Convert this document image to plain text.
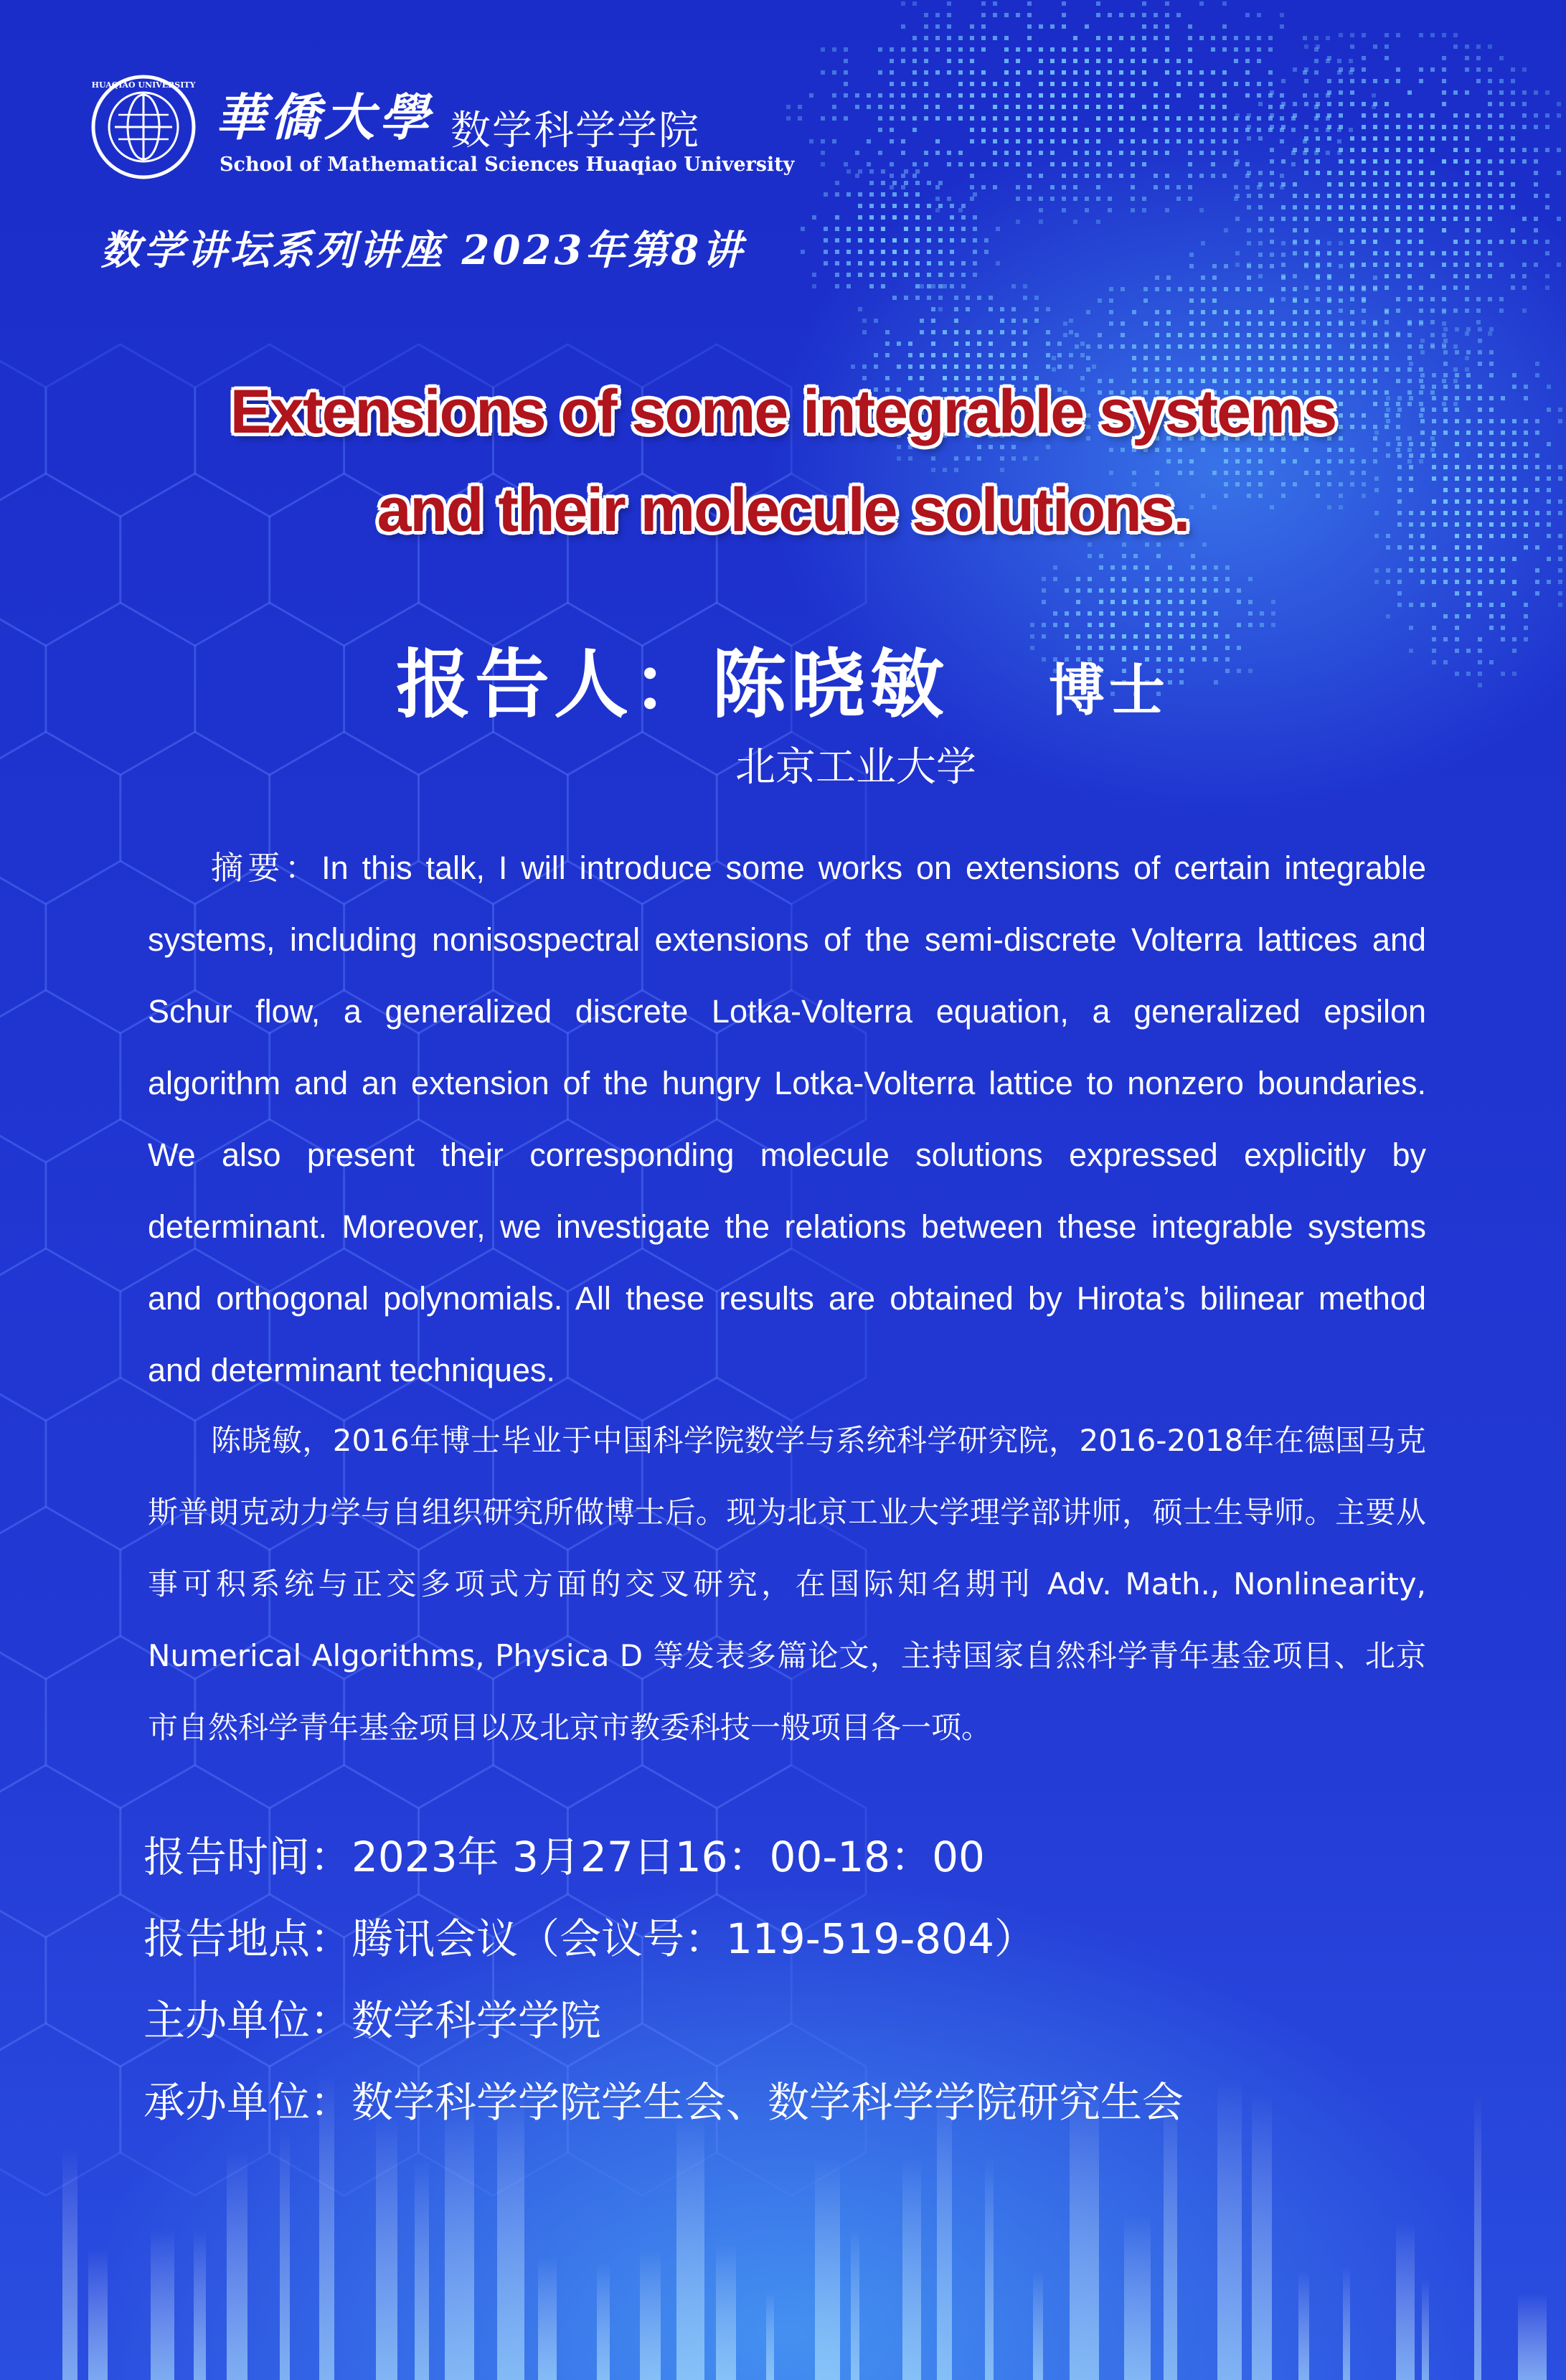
HUAQIAO UNIVERSITY
華僑大學 数学科学学院
School of Mathematical Sciences Huaqiao University
数学讲坛系列讲座 2023年第8讲
Extensions of some integrable systems
and their molecule solutions.
报告人：陈晓敏 博士
北京工业大学

摘要：In this talk, I will introduce some works on extensions of certain integrable systems, including nonisospectral extensions of the semi-discrete Volterra lattices and Schur flow, a generalized discrete Lotka-Volterra equation, a generalized epsilon algorithm and an extension of the hungry Lotka-Volterra lattice to nonzero boundaries. We also present their corresponding molecule solutions expressed explicitly by determinant. Moreover, we investigate the relations between these integrable systems and orthogonal polynomials. All these results are obtained by Hirota’s bilinear method and determinant techniques.

陈晓敏，2016年博士毕业于中国科学院数学与系统科学研究院，2016-2018年在德国马克斯普朗克动力学与自组织研究所做博士后。现为北京工业大学理学部讲师，硕士生导师。主要从事可积系统与正交多项式方面的交叉研究，在国际知名期刊 Adv. Math., Nonlinearity, Numerical Algorithms, Physica D 等发表多篇论文，主持国家自然科学青年基金项目、北京市自然科学青年基金项目以及北京市教委科技一般项目各一项。

报告时间：2023年 3月27日16：00-18：00
报告地点：腾讯会议（会议号：119-519-804）
主办单位：数学科学学院
承办单位：数学科学学院学生会、数学科学学院研究生会
